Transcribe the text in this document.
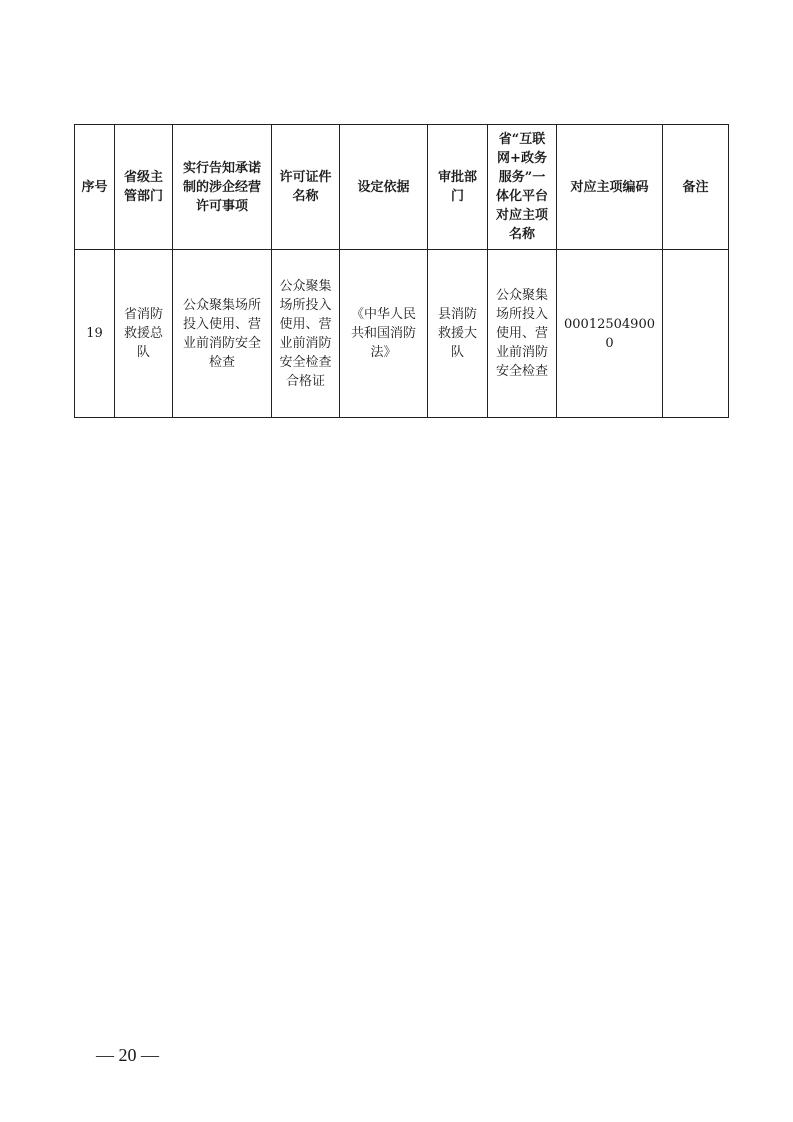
序号	省级主管部门	实行告知承诺制的涉企经营许可事项	许可证件名称	设定依据	审批部门	省“互联网+政务服务”一体化平台对应主项名称	对应主项编码	备注

19	省消防救援总队	公众聚集场所投入使用、营业前消防安全检查	公众聚集场所投入使用、营业前消防安全检查合格证	《中华人民共和国消防法》	县消防救援大队	公众聚集场所投入使用、营业前消防安全检查	000125049000	

— 20 —
